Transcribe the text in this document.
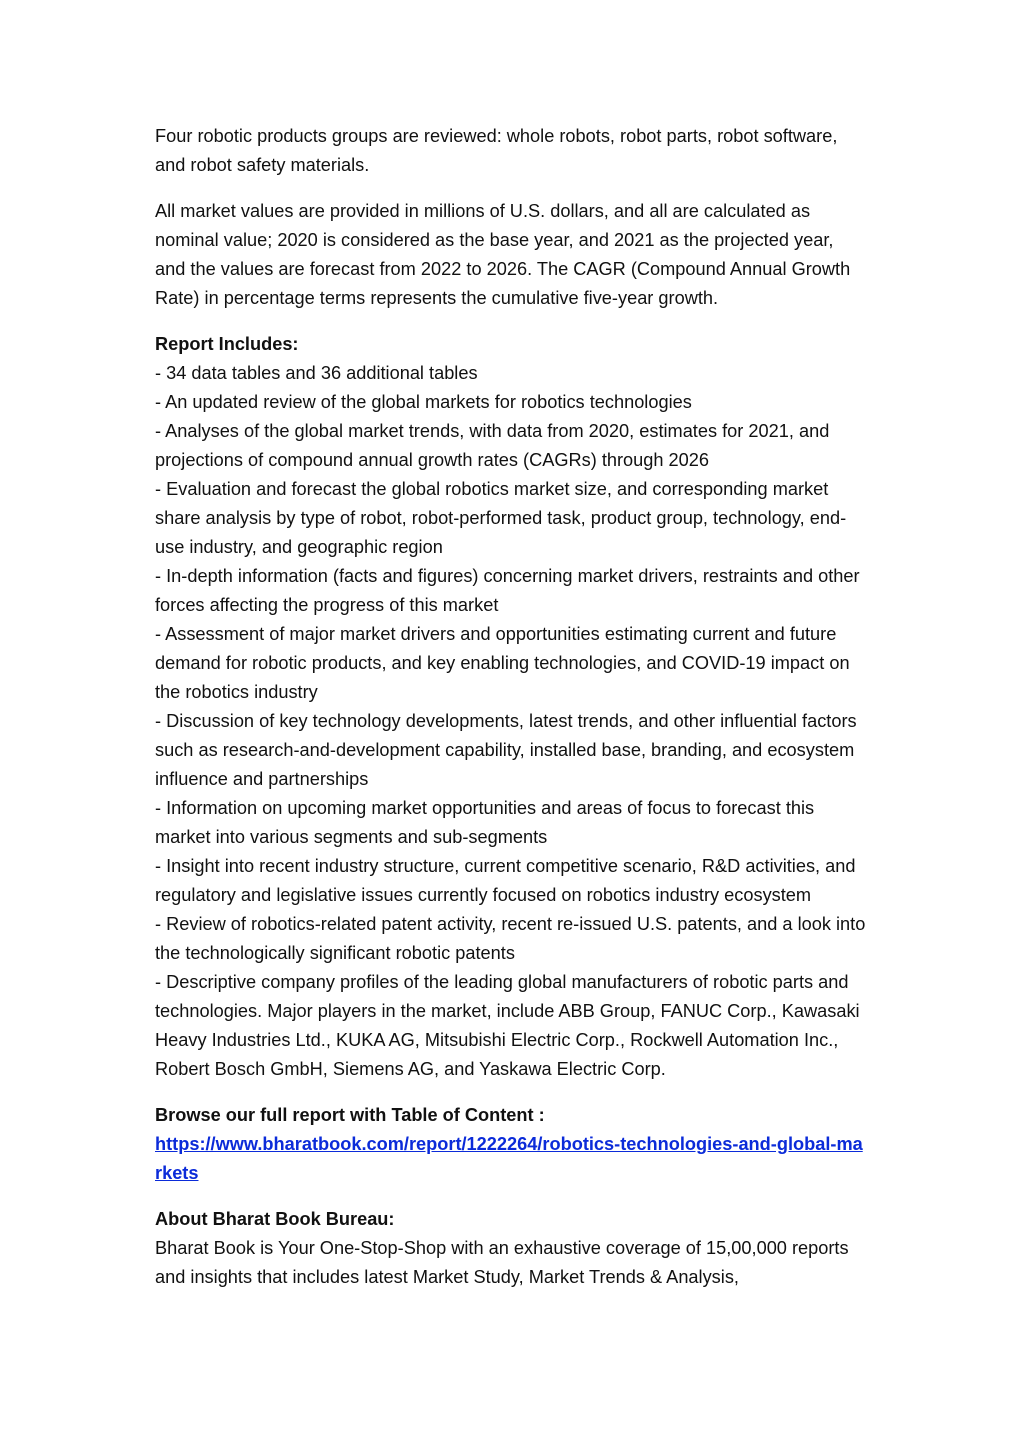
Four robotic products groups are reviewed: whole robots, robot parts, robot software, and robot safety materials.

All market values are provided in millions of U.S. dollars, and all are calculated as nominal value; 2020 is considered as the base year, and 2021 as the projected year, and the values are forecast from 2022 to 2026. The CAGR (Compound Annual Growth Rate) in percentage terms represents the cumulative five-year growth.

Report Includes:

- 34 data tables and 36 additional tables
- An updated review of the global markets for robotics technologies
- Analyses of the global market trends, with data from 2020, estimates for 2021, and projections of compound annual growth rates (CAGRs) through 2026
- Evaluation and forecast the global robotics market size, and corresponding market share analysis by type of robot, robot-performed task, product group, technology, end-use industry, and geographic region
- In-depth information (facts and figures) concerning market drivers, restraints and other forces affecting the progress of this market
- Assessment of major market drivers and opportunities estimating current and future demand for robotic products, and key enabling technologies, and COVID-19 impact on the robotics industry
- Discussion of key technology developments, latest trends, and other influential factors such as research-and-development capability, installed base, branding, and ecosystem influence and partnerships
- Information on upcoming market opportunities and areas of focus to forecast this market into various segments and sub-segments
- Insight into recent industry structure, current competitive scenario, R&D activities, and regulatory and legislative issues currently focused on robotics industry ecosystem
- Review of robotics-related patent activity, recent re-issued U.S. patents, and a look into the technologically significant robotic patents
- Descriptive company profiles of the leading global manufacturers of robotic parts and technologies. Major players in the market, include ABB Group, FANUC Corp., Kawasaki Heavy Industries Ltd., KUKA AG, Mitsubishi Electric Corp., Rockwell Automation Inc., Robert Bosch GmbH, Siemens AG, and Yaskawa Electric Corp.

Browse our full report with Table of Content :

https://www.bharatbook.com/report/1222264/robotics-technologies-and-global-markets

About Bharat Book Bureau:

Bharat Book is Your One-Stop-Shop with an exhaustive coverage of 15,00,000 reports and insights that includes latest Market Study, Market Trends & Analysis,
